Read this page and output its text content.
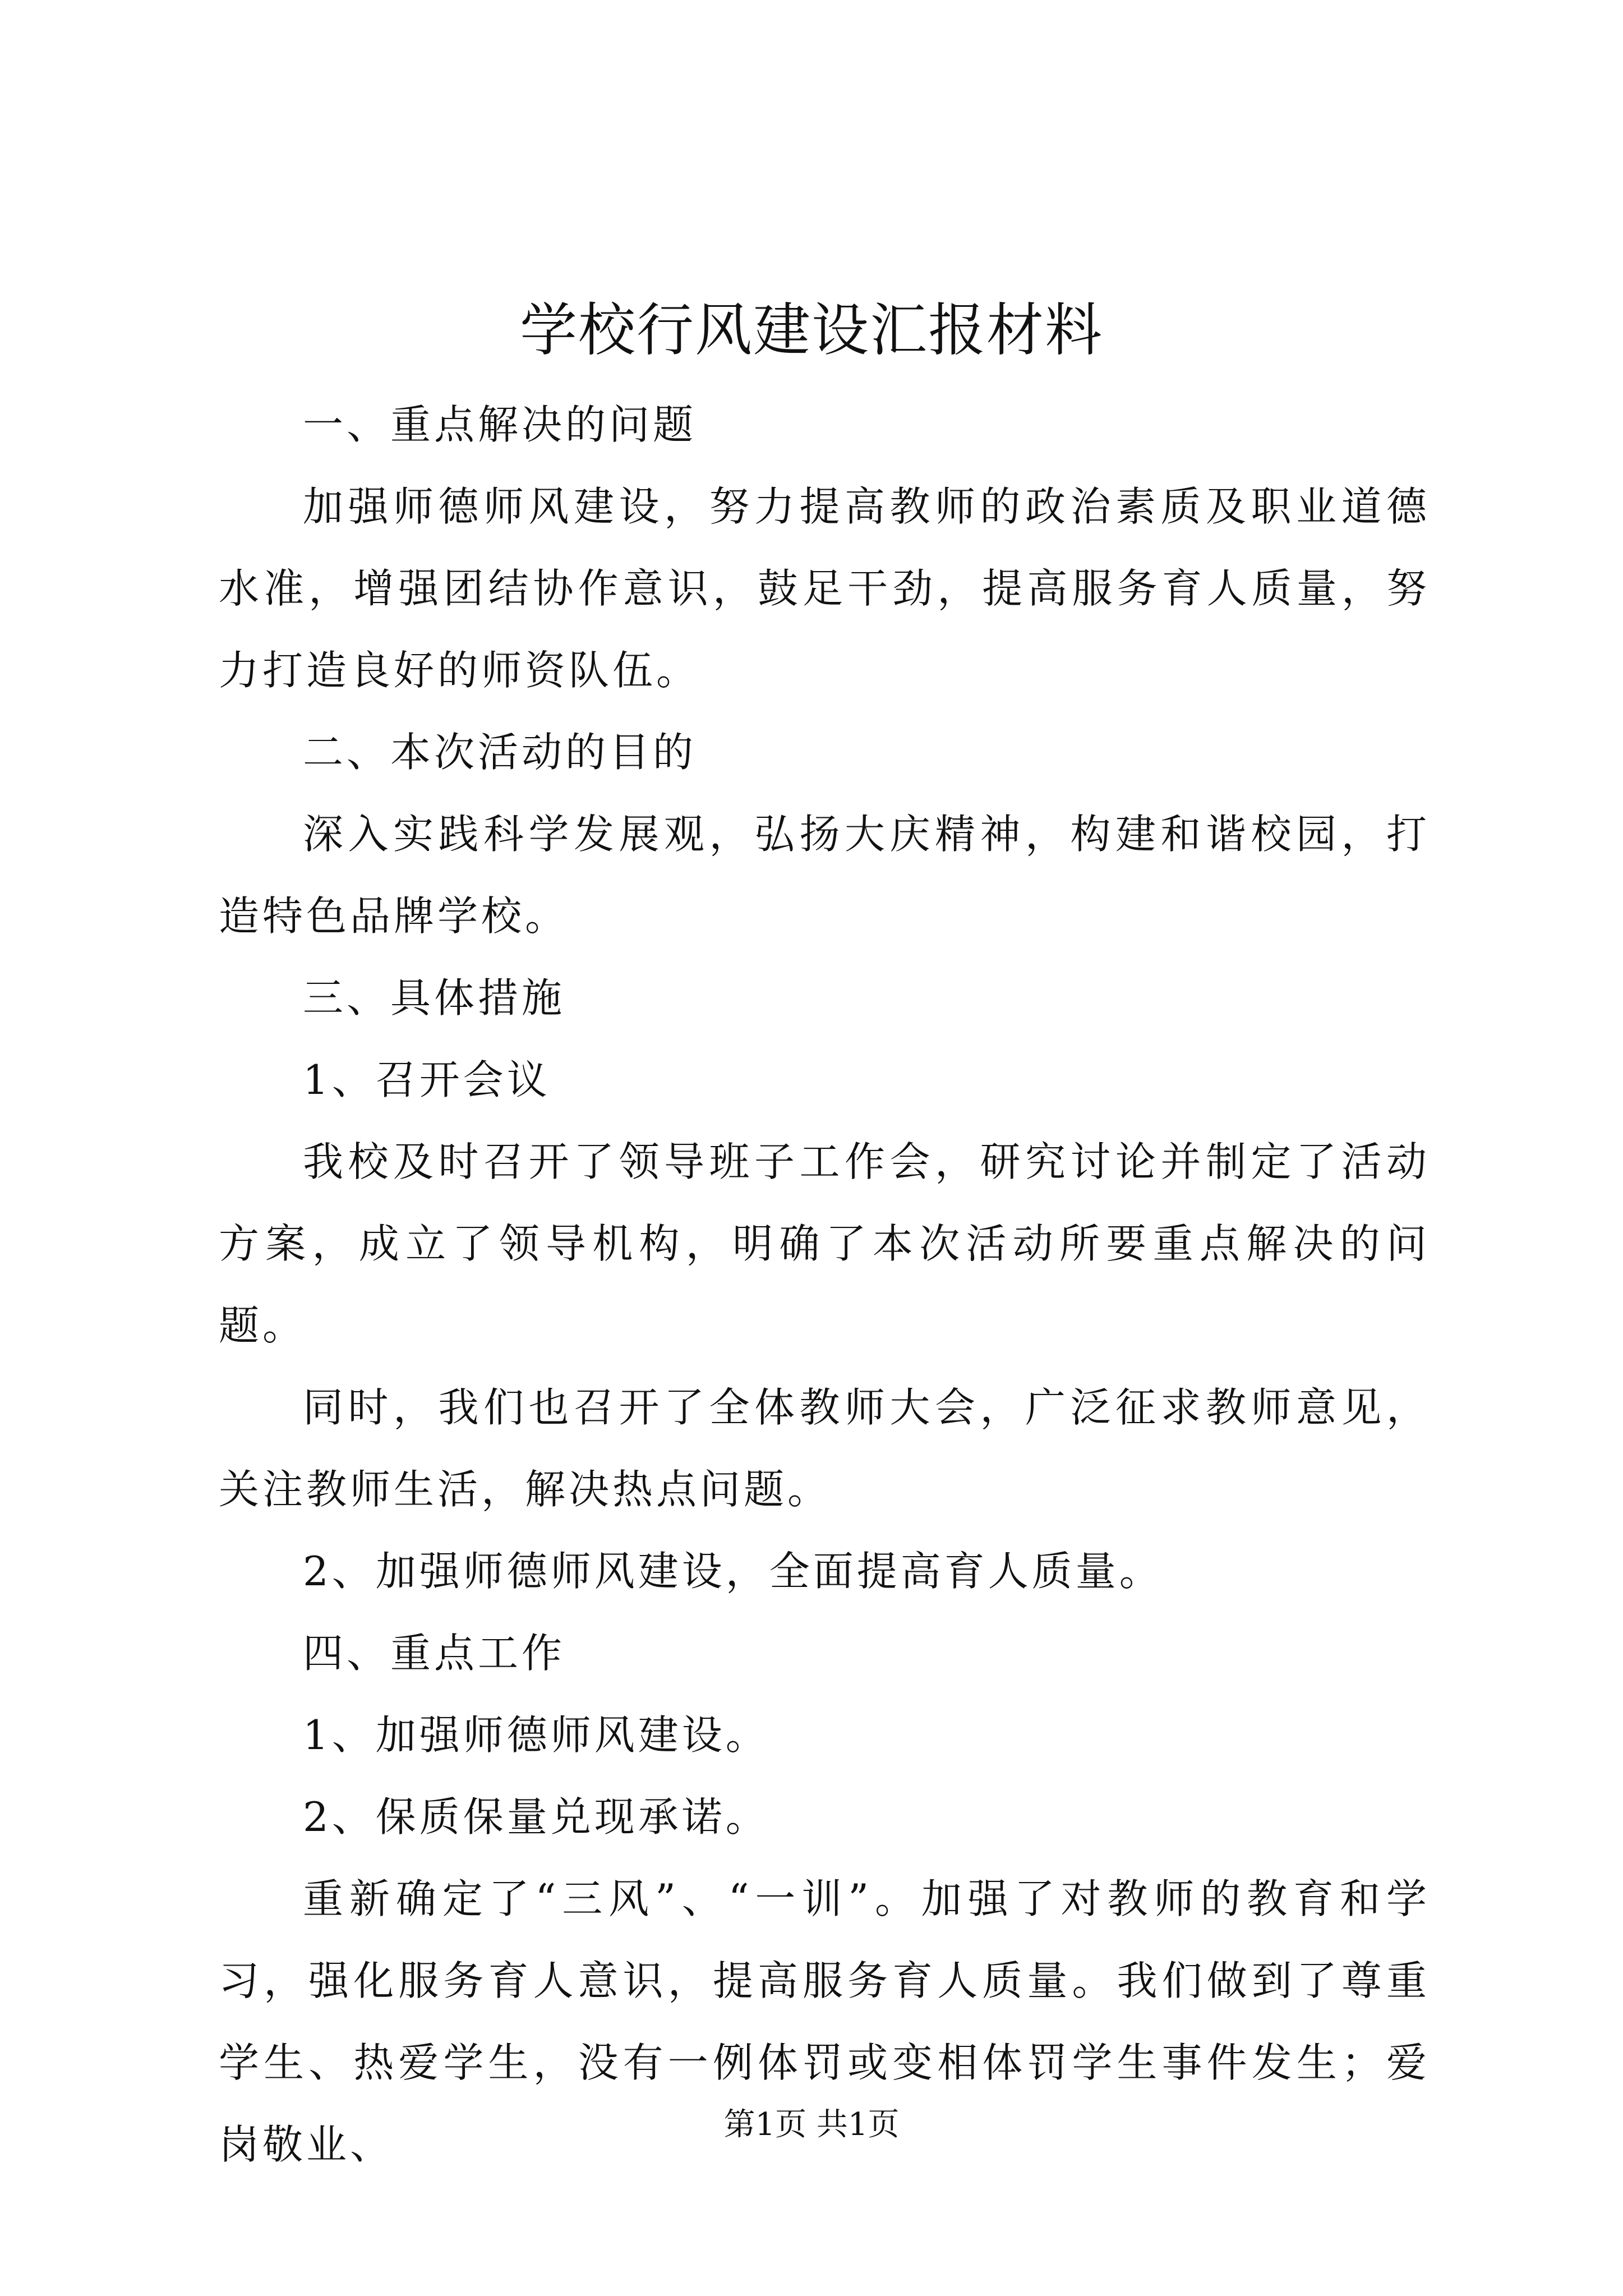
学校行风建设汇报材料

一、重点解决的问题

加强师德师风建设，努力提高教师的政治素质及职业道德水准，增强团结协作意识，鼓足干劲，提高服务育人质量，努力打造良好的师资队伍。

二、本次活动的目的

深入实践科学发展观，弘扬大庆精神，构建和谐校园，打造特色品牌学校。

三、具体措施

1、召开会议

我校及时召开了领导班子工作会，研究讨论并制定了活动方案，成立了领导机构，明确了本次活动所要重点解决的问题。

同时，我们也召开了全体教师大会，广泛征求教师意见，关注教师生活，解决热点问题。

2、加强师德师风建设，全面提高育人质量。

四、重点工作

1、加强师德师风建设。

2、保质保量兑现承诺。

重新确定了“三风”、“一训”。加强了对教师的教育和学习，强化服务育人意识，提高服务育人质量。我们做到了尊重学生、热爱学生，没有一例体罚或变相体罚学生事件发生；爱岗敬业、	第1页 共1页
